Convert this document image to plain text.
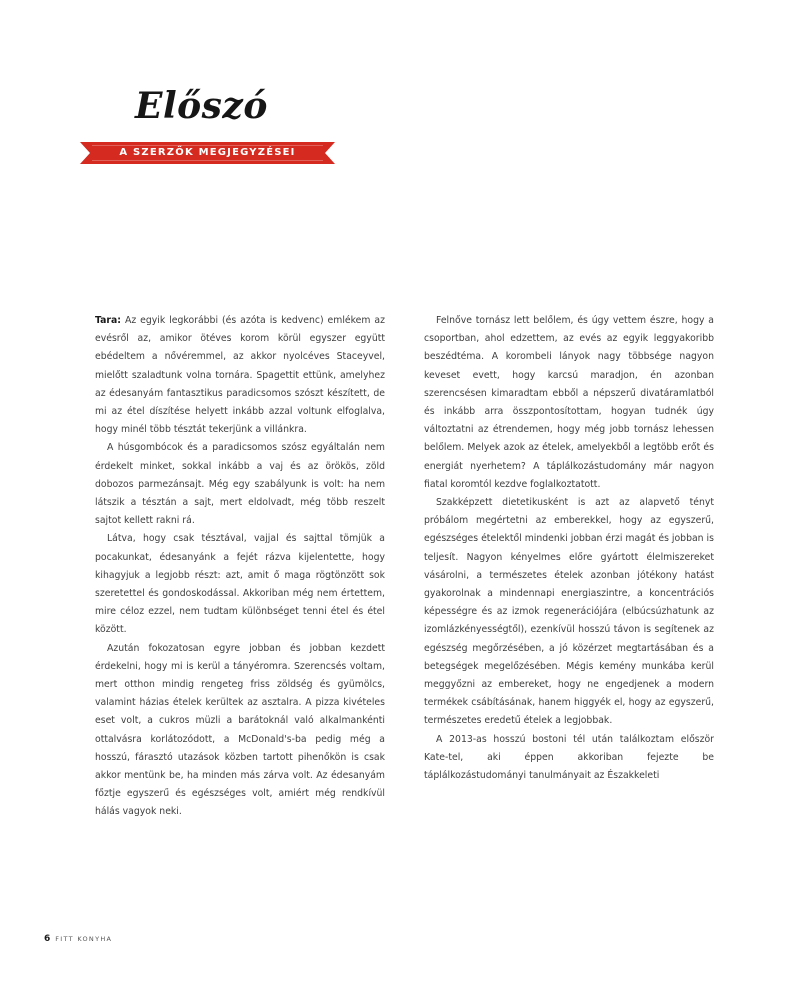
Előszó
A SZERZŐK MEGJEGYZÉSEI

Tara: Az egyik legkorábbi (és azóta is kedvenc) emlékem az evésről az, amikor ötéves korom körül egyszer együtt ebédeltem a nővéremmel, az akkor nyolcéves Staceyvel, mielőtt szaladtunk volna tornára. Spagettit ettünk, amelyhez az édesanyám fantasztikus paradicsomos szószt készített, de mi az étel díszítése helyett inkább azzal voltunk elfoglalva, hogy minél több tésztát tekerjünk a villánkra.

A húsgombócok és a paradicsomos szósz egyáltalán nem érdekelt minket, sokkal inkább a vaj és az örökös, zöld dobozos parmezánsajt. Még egy szabályunk is volt: ha nem látszik a tésztán a sajt, mert eldolvadt, még több reszelt sajtot kellett rakni rá.

Látva, hogy csak tésztával, vajjal és sajttal tömjük a pocakunkat, édesanyánk a fejét rázva kijelentette, hogy kihagyjuk a legjobb részt: azt, amit ő maga rögtönzött sok szeretettel és gondoskodással. Akkoriban még nem értettem, mire céloz ezzel, nem tudtam különbséget tenni étel és étel között.

Azután fokozatosan egyre jobban és jobban kezdett érdekelni, hogy mi is kerül a tányéromra. Szerencsés voltam, mert otthon mindig rengeteg friss zöldség és gyümölcs, valamint házias ételek kerültek az asztalra. A pizza kivételes eset volt, a cukros müzli a barátoknál való alkalmankénti ottalvásra korlátozódott, a McDonald's-ba pedig még a hosszú, fárasztó utazások közben tartott pihenőkön is csak akkor mentünk be, ha minden más zárva volt. Az édesanyám főztje egyszerű és egészséges volt, amiért még rendkívül hálás vagyok neki.

Felnőve tornász lett belőlem, és úgy vettem észre, hogy a csoportban, ahol edzettem, az evés az egyik leggyakoribb beszédtéma. A korombeli lányok nagy többsége nagyon keveset evett, hogy karcsú maradjon, én azonban szerencsésen kimaradtam ebből a népszerű divatáramlatból és inkább arra összpontosítottam, hogyan tudnék úgy változtatni az étrendemen, hogy még jobb tornász lehessen belőlem. Melyek azok az ételek, amelyekből a legtöbb erőt és energiát nyerhetem? A táplálkozástudomány már nagyon fiatal koromtól kezdve foglalkoztatott.

Szakképzett dietetikusként is azt az alapvető tényt próbálom megértetni az emberekkel, hogy az egyszerű, egészséges ételektől mindenki jobban érzi magát és jobban is teljesít. Nagyon kényelmes előre gyártott élelmiszereket vásárolni, a természetes ételek azonban jótékony hatást gyakorolnak a mindennapi energiaszintre, a koncentrációs képességre és az izmok regenerációjára (elbúcsúzhatunk az izomlázkényességtől), ezenkívül hosszú távon is segítenek az egészség megőrzésében, a jó közérzet megtartásában és a betegségek megelőzésében. Mégis kemény munkába kerül meggyőzni az embereket, hogy ne engedjenek a modern termékek csábításának, hanem higgyék el, hogy az egyszerű, természetes eredetű ételek a legjobbak.

A 2013-as hosszú bostoni tél után találkoztam először Kate-tel, aki éppen akkoriban fejezte be táplálkozástudományi tanulmányait az Északkeleti

6 FITT KONYHA
